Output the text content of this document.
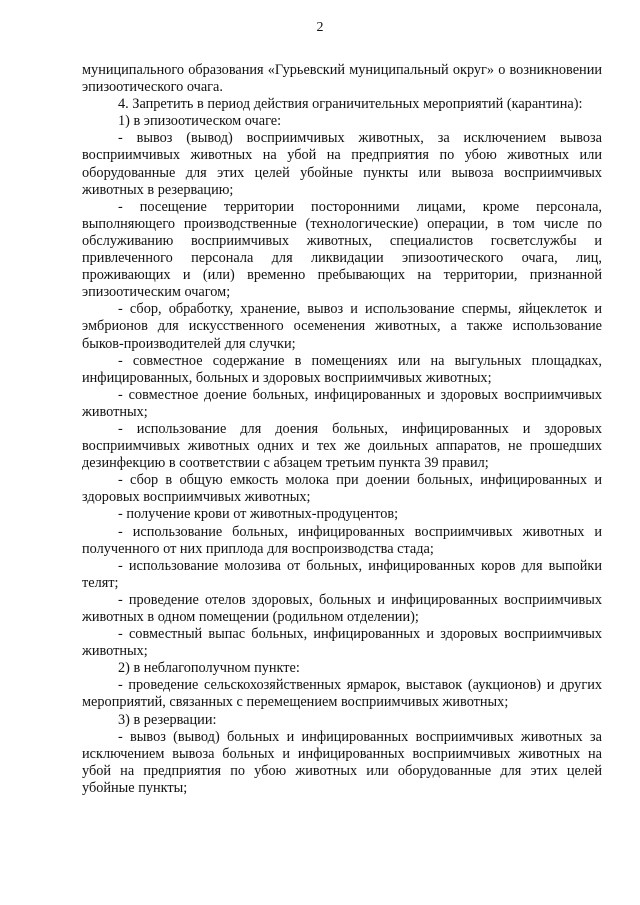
2

муниципального образования «Гурьевский муниципальный округ» о возникновении эпизоотического очага.

4. Запретить в период действия ограничительных мероприятий (карантина):

1) в эпизоотическом очаге:

- вывоз (вывод) восприимчивых животных, за исключением вывоза восприимчивых животных на убой на предприятия по убою животных или оборудованные для этих целей убойные пункты или вывоза восприимчивых животных в резервацию;

- посещение территории посторонними лицами, кроме персонала, выполняющего производственные (технологические) операции, в том числе по обслуживанию восприимчивых животных, специалистов госветслужбы и привлеченного персонала для ликвидации эпизоотического очага, лиц, проживающих и (или) временно пребывающих на территории, признанной эпизоотическим очагом;

- сбор, обработку, хранение, вывоз и использование спермы, яйцеклеток и эмбрионов для искусственного осеменения животных, а также использование быков-производителей для случки;

- совместное содержание в помещениях или на выгульных площадках, инфицированных, больных и здоровых восприимчивых животных;

- совместное доение больных, инфицированных и здоровых восприимчивых животных;

- использование для доения больных, инфицированных и здоровых восприимчивых животных одних и тех же доильных аппаратов, не прошедших дезинфекцию в соответствии с абзацем третьим пункта 39 правил;

- сбор в общую емкость молока при доении больных, инфицированных и здоровых восприимчивых животных;

- получение крови от животных-продуцентов;

- использование больных, инфицированных восприимчивых животных и полученного от них приплода для воспроизводства стада;

- использование молозива от больных, инфицированных коров для выпойки телят;

- проведение отелов здоровых, больных и инфицированных восприимчивых животных в одном помещении (родильном отделении);

- совместный выпас больных, инфицированных и здоровых восприимчивых животных;

2) в неблагополучном пункте:

- проведение сельскохозяйственных ярмарок, выставок (аукционов) и других мероприятий, связанных с перемещением восприимчивых животных;

3) в резервации:

- вывоз (вывод) больных и инфицированных восприимчивых животных за исключением вывоза больных и инфицированных восприимчивых животных на убой на предприятия по убою животных или оборудованные для этих целей убойные пункты;
